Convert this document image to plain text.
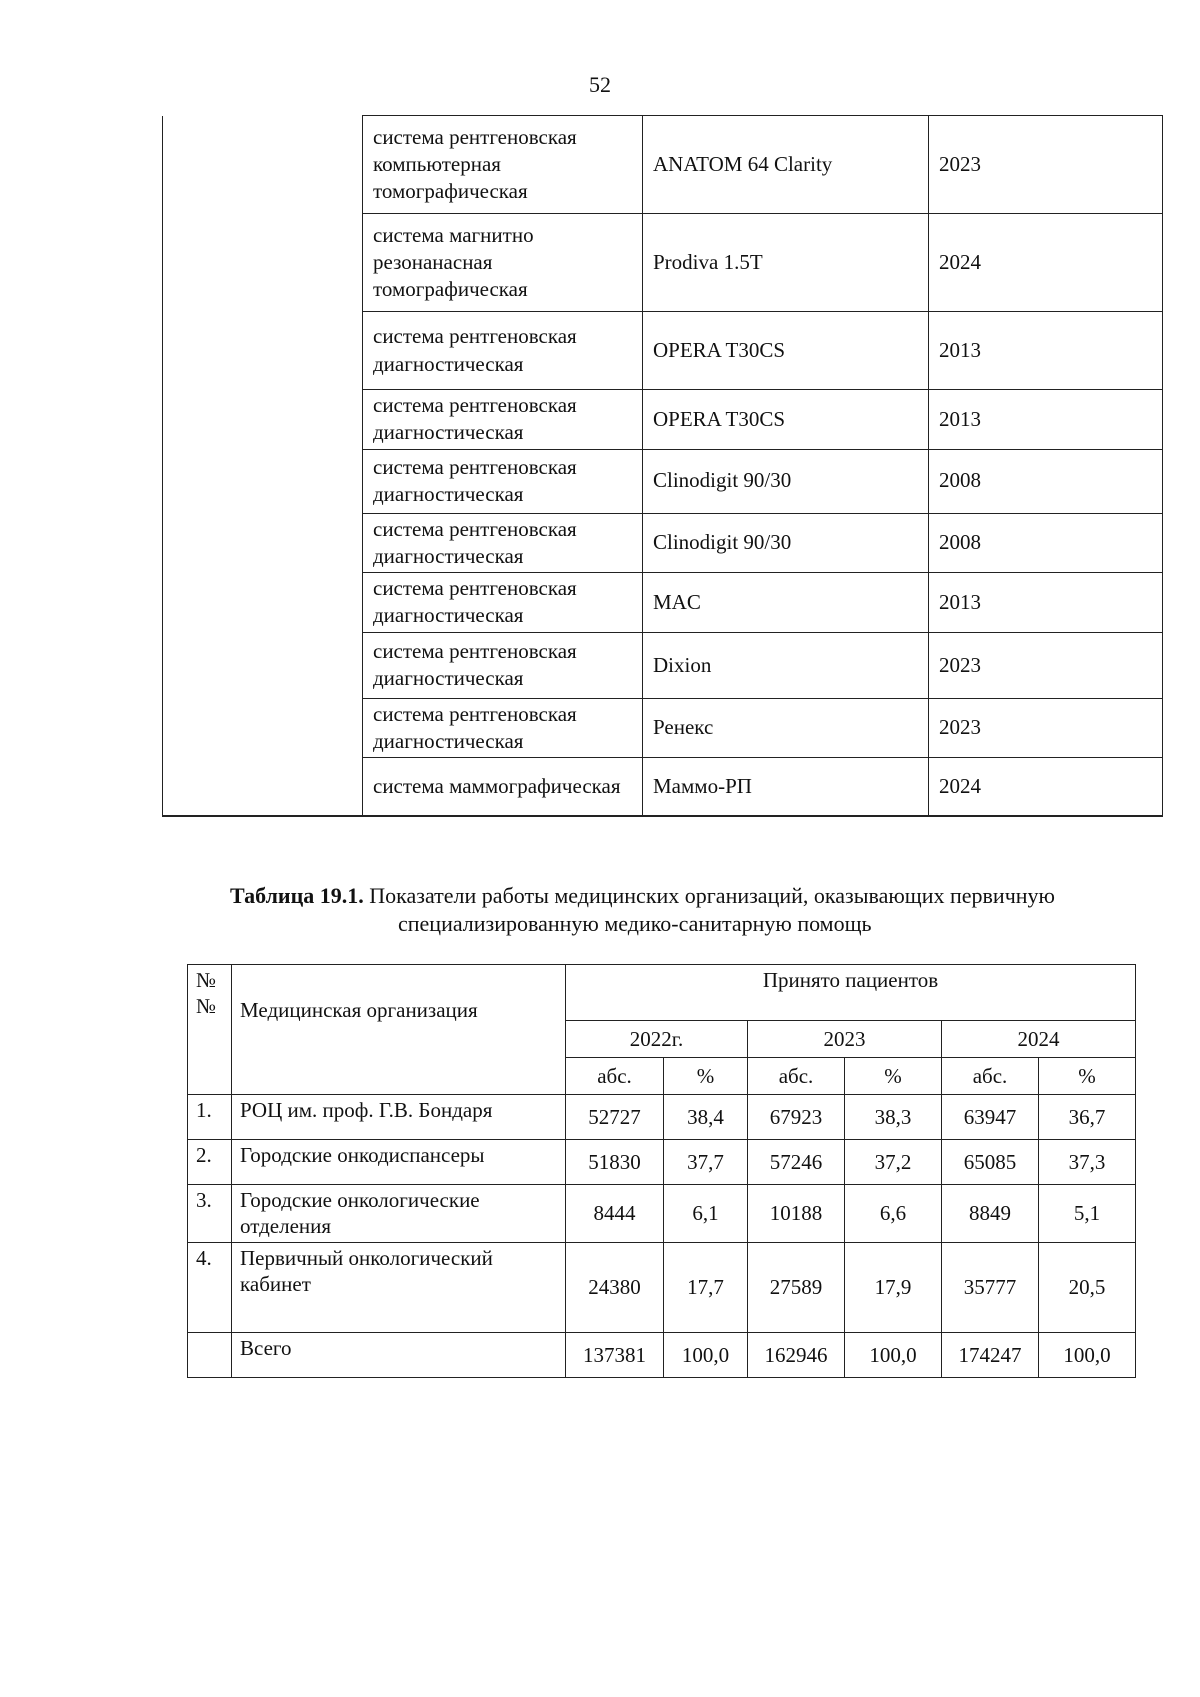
52
	система рентгеновская компьютерная томографическая	ANATOM 64 Clarity	2023
	система магнитно резонанасная томографическая	Prodiva 1.5T	2024
	система рентгеновская диагностическая	OPERA T30CS	2013
	система рентгеновская диагностическая	OPERA T30CS	2013
	система рентгеновская диагностическая	Clinodigit 90/30	2008
	система рентгеновская диагностическая	Clinodigit 90/30	2008
	система рентгеновская диагностическая	MAC	2013
	система рентгеновская диагностическая	Dixion	2023
	система рентгеновская диагностическая	Ренекс	2023
	система маммографическая	Маммо-РП	2024
Таблица 19.1. Показатели работы медицинских организаций, оказывающих первичную
специализированную медико-санитарную помощь
№ №	Медицинская организация	Принято пациентов					
		2022г.		2023		2024	
		абс.	%	абс.	%	абс.	%
1.	РОЦ им. проф. Г.В. Бондаря	52727	38,4	67923	38,3	63947	36,7
2.	Городские онкодиспансеры	51830	37,7	57246	37,2	65085	37,3
3.	Городские онкологические отделения	8444	6,1	10188	6,6	8849	5,1
4.	Первичный онкологический кабинет	24380	17,7	27589	17,9	35777	20,5
	Всего	137381	100,0	162946	100,0	174247	100,0
